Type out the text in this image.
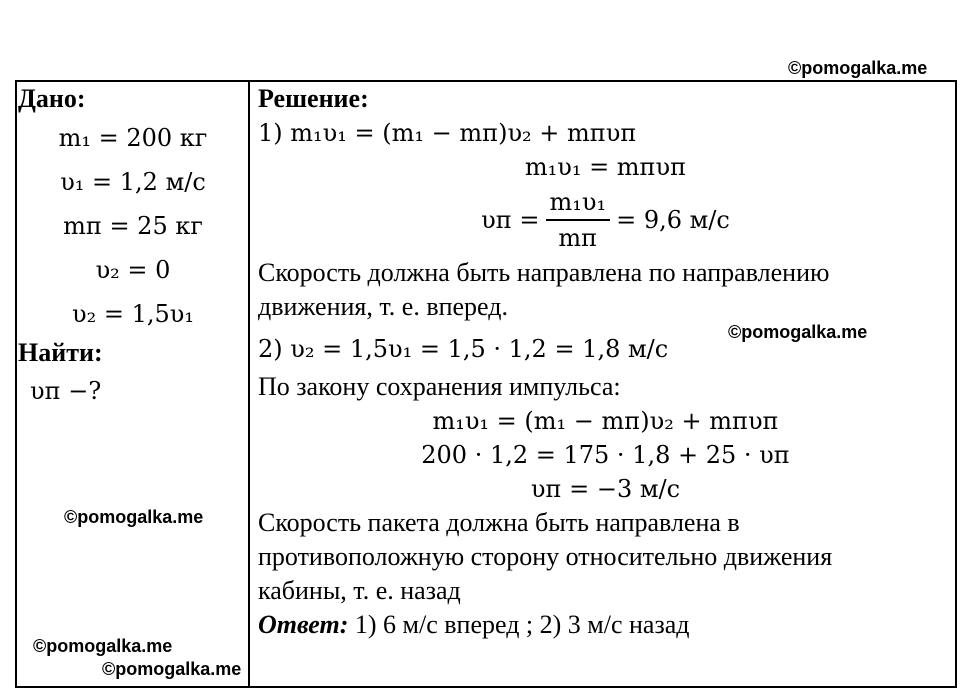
©pomogalka.me
Дано:
m₁ = 200 кг
υ₁ = 1,2 м/с
mп = 25 кг
υ₂ = 0
υ₂ = 1,5υ₁
Найти:
υп −?
Решение:
1) m₁υ₁ = (m₁ − mп)υ₂ + mпυп
m₁υ₁ = mпυп
$\upsilon п = \frac{\text{m₁υ₁}}{mп} = 9,6$ м/с
Скорость должна быть направлена по направлению
движения, т. е. вперед.
2) υ₂ = 1,5υ₁ = 1,5 · 1,2 = 1,8 м/с
По закону сохранения импульса:
m₁υ₁ = (m₁ − mп)υ₂ + mпυп
200 · 1,2 = 175 · 1,8 + 25 · υп
υп = −3 м/с
Скорость пакета должна быть направлена в
противоположную сторону относительно движения
кабины, т. е. назад
Ответ: 1) 6 м/с вперед ; 2) 3 м/с назад
©pomogalka.me
©pomogalka.me
©pomogalka.me
©pomogalka.me
